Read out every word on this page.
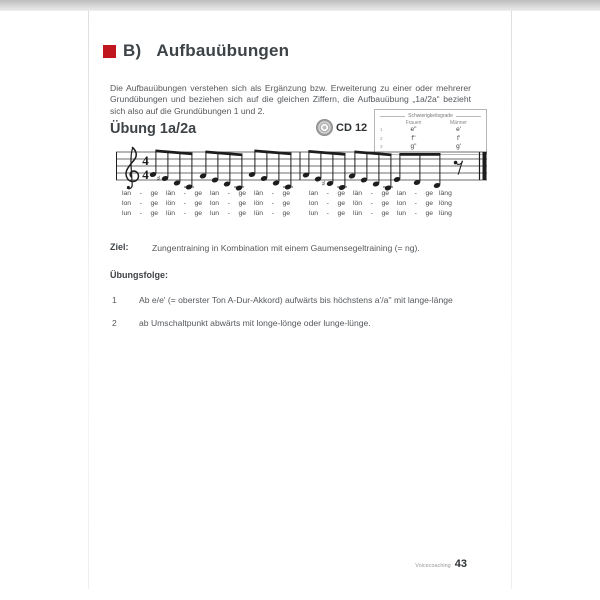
B) Aufbauübungen

Die Aufbauübungen verstehen sich als Ergänzung bzw. Erweiterung zu einer oder mehrerer Grundübungen und beziehen sich auf die gleichen Ziffern, die Aufbauübung „1a/2a“ bezieht sich also auf die Grundübungen 1 und 2.	Schwierigkeitsgrade
Frauen	Männer
1	e''	e'
2	f''	f'
3	g''	g'
Übung 1a/2a	CD 12
4
4 ♯
♯
lan - ge län - ge lan - ge län - ge	lan - ge län - ge lan - ge läng
lon - ge lön - ge lon - ge lön - ge	lon - ge lön - ge lon - ge löng
lun - ge lün - ge lun - ge lün - ge	lun - ge lün - ge lun - ge lüng
Ziel:	Zungentraining in Kombination mit einem Gaumensegeltraining (= ng).
Übungsfolge:
1	Ab e/e' (= oberster Ton A-Dur-Akkord) aufwärts bis höchstens a'/a'' mit lange-länge
2	ab Umschaltpunkt abwärts mit longe-lönge oder lunge-lünge.
Voicecoaching 43
